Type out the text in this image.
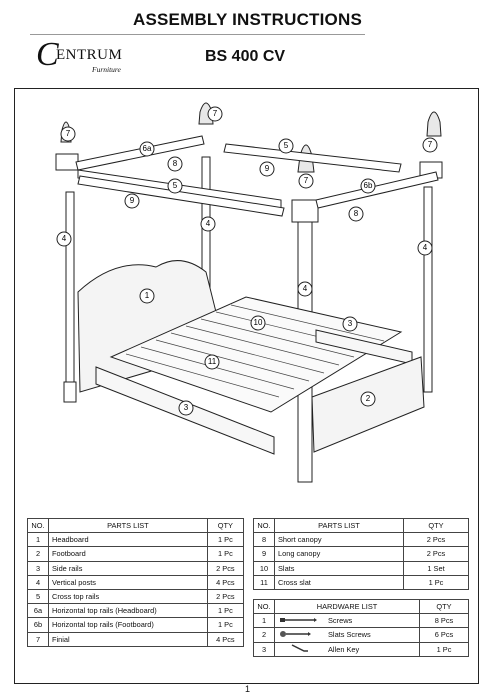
ASSEMBLY INSTRUCTIONS
C
ENTRUM
Furniture
BS 400 CV
7
7
7
7
6a
6b
5
5
8
8
9
9
4
4
4
4
1
10
11
3
3
2
NO.	PARTS LIST	QTY
1	Headboard	1 Pc
2	Footboard	1 Pc
3	Side rails	2 Pcs
4	Vertical posts	4 Pcs
5	Cross top rails	2 Pcs
6a	Horizontal top rails (Headboard)	1 Pc
6b	Horizontal top rails (Footboard)	1 Pc
7	Finial	4 Pcs
NO.	PARTS LIST	QTY
8	Short canopy	2 Pcs
9	Long canopy	2 Pcs
10	Slats	1 Set
11	Cross slat	1 Pc
NO.	HARDWARE LIST		QTY
1		Screws	8 Pcs
2		Slats Screws	6 Pcs
3		Allen Key	1 Pc
1
